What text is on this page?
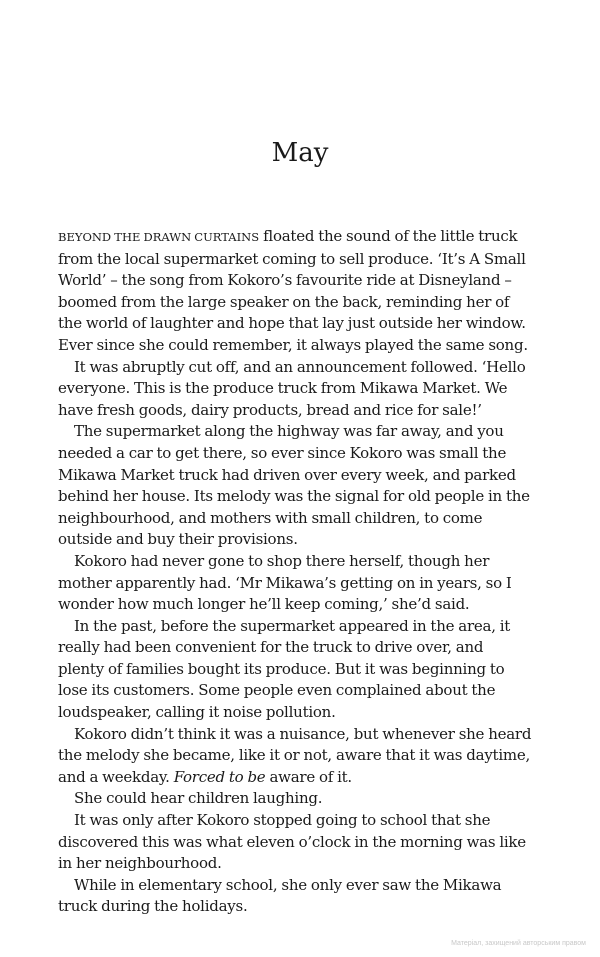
May
BEYOND THE DRAWN CURTAINS floated the sound of the little truck
from the local supermarket coming to sell produce. ‘It’s A Small
World’ – the song from Kokoro’s favourite ride at Disneyland –
boomed from the large speaker on the back, reminding her of
the world of laughter and hope that lay just outside her window.
Ever since she could remember, it always played the same song.
It was abruptly cut off, and an announcement followed. ‘Hello
everyone. This is the produce truck from Mikawa Market. We
have fresh goods, dairy products, bread and rice for sale!’
The supermarket along the highway was far away, and you
needed a car to get there, so ever since Kokoro was small the
Mikawa Market truck had driven over every week, and parked
behind her house. Its melody was the signal for old people in the
neighbourhood, and mothers with small children, to come
outside and buy their provisions.
Kokoro had never gone to shop there herself, though her
mother apparently had. ‘Mr Mikawa’s getting on in years, so I
wonder how much longer he’ll keep coming,’ she’d said.
In the past, before the supermarket appeared in the area, it
really had been convenient for the truck to drive over, and
plenty of families bought its produce. But it was beginning to
lose its customers. Some people even complained about the
loudspeaker, calling it noise pollution.
Kokoro didn’t think it was a nuisance, but whenever she heard
the melody she became, like it or not, aware that it was daytime,
and a weekday. Forced to be aware of it.
She could hear children laughing.
It was only after Kokoro stopped going to school that she
discovered this was what eleven o’clock in the morning was like
in her neighbourhood.
While in elementary school, she only ever saw the Mikawa
truck during the holidays.
Матеріал, захищений авторським правом
